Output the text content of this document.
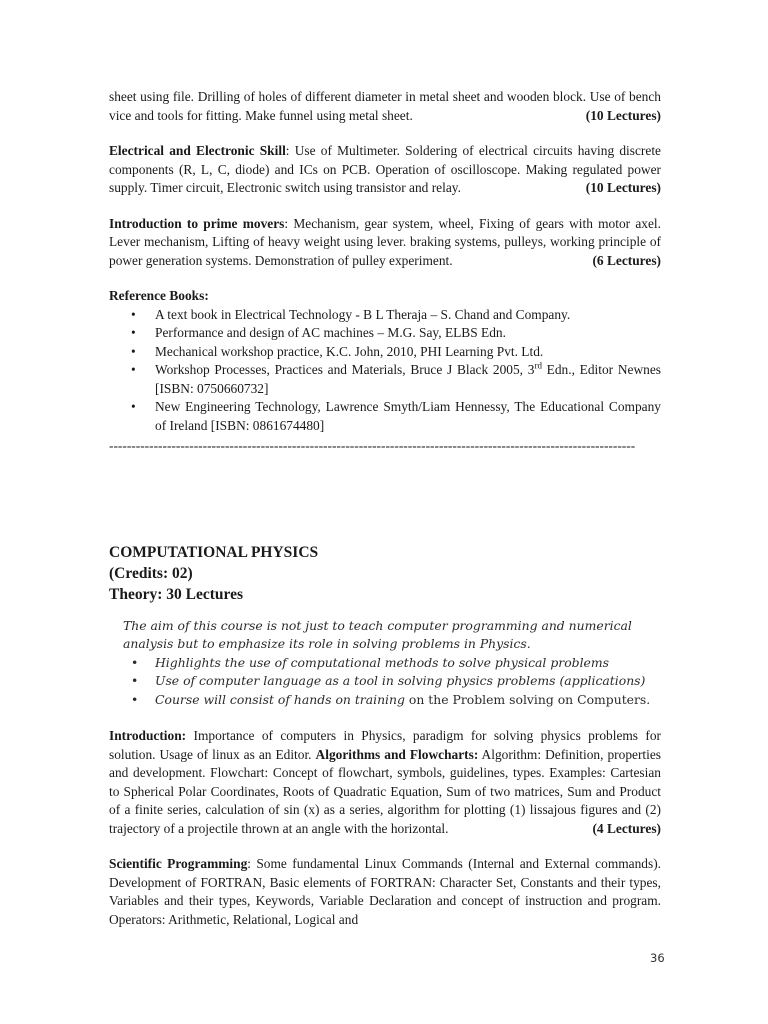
sheet using file. Drilling of holes of different diameter in metal sheet and wooden block. Use of bench vice and tools for fitting. Make funnel using metal sheet.	(10 Lectures)

Electrical and Electronic Skill: Use of Multimeter. Soldering of electrical circuits having discrete components (R, L, C, diode) and ICs on PCB. Operation of oscilloscope. Making regulated power supply. Timer circuit, Electronic switch using transistor and relay.	(10 Lectures)

Introduction to prime movers: Mechanism, gear system, wheel, Fixing of gears with motor axel. Lever mechanism, Lifting of heavy weight using lever. braking systems, pulleys, working principle of power generation systems. Demonstration of pulley experiment.	(6 Lectures)

Reference Books:
• A text book in Electrical Technology - B L Theraja – S. Chand and Company.
• Performance and design of AC machines – M.G. Say, ELBS Edn.
• Mechanical workshop practice, K.C. John, 2010, PHI Learning Pvt. Ltd.
• Workshop Processes, Practices and Materials, Bruce J Black 2005, 3rd Edn., Editor Newnes [ISBN: 0750660732]
• New Engineering Technology, Lawrence Smyth/Liam Hennessy, The Educational Company of Ireland [ISBN: 0861674480]
----------------------------------------------------------------------------------------------------------------------
COMPUTATIONAL PHYSICS
(Credits: 02)
Theory: 30 Lectures

The aim of this course is not just to teach computer programming and numerical analysis but to emphasize its role in solving problems in Physics.

• Highlights the use of computational methods to solve physical problems
• Use of computer language as a tool in solving physics problems (applications)
• Course will consist of hands on training on the Problem solving on Computers.

Introduction: Importance of computers in Physics, paradigm for solving physics problems for solution. Usage of linux as an Editor. Algorithms and Flowcharts: Algorithm: Definition, properties and development. Flowchart: Concept of flowchart, symbols, guidelines, types. Examples: Cartesian to Spherical Polar Coordinates, Roots of Quadratic Equation, Sum of two matrices, Sum and Product of a finite series, calculation of sin (x) as a series, algorithm for plotting (1) lissajous figures and (2) trajectory of a projectile thrown at an angle with the horizontal.	(4 Lectures)

Scientific Programming: Some fundamental Linux Commands (Internal and External commands). Development of FORTRAN, Basic elements of FORTRAN: Character Set, Constants and their types, Variables and their types, Keywords, Variable Declaration and concept of instruction and program. Operators: Arithmetic, Relational, Logical and

36
